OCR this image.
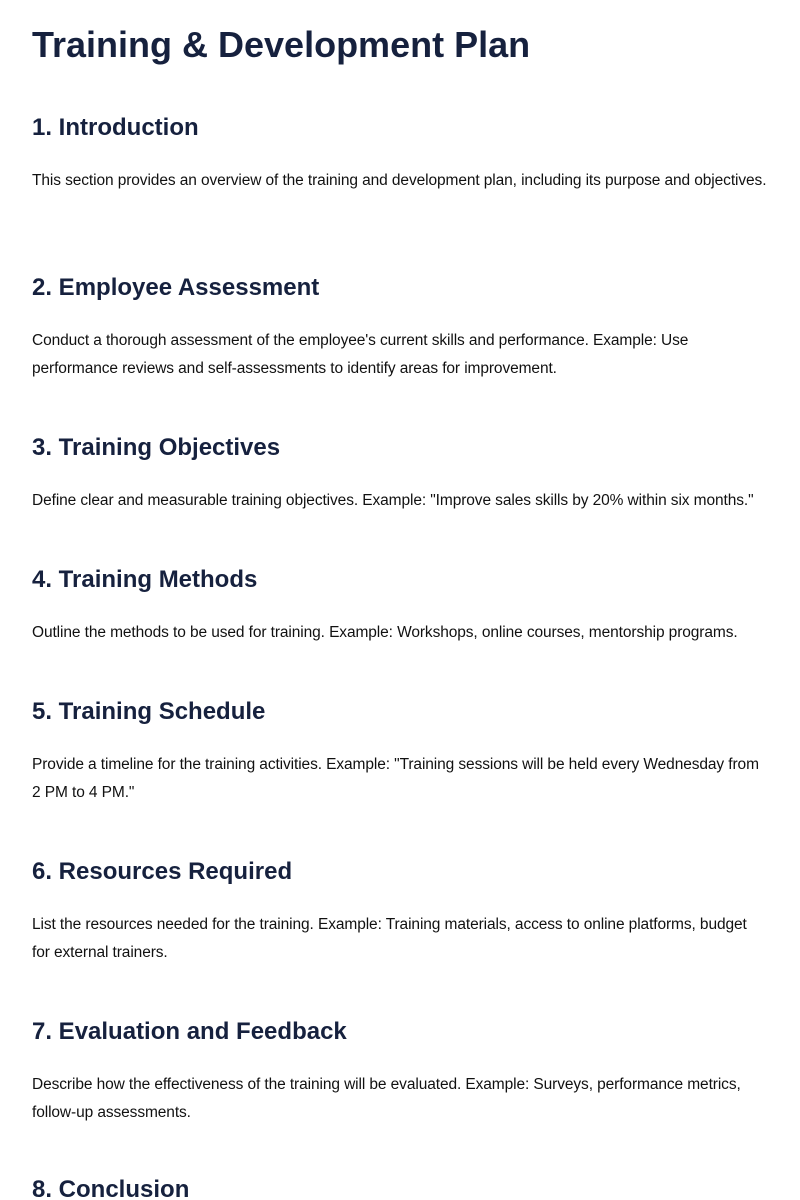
Training & Development Plan
1. Introduction

This section provides an overview of the training and development plan, including its purpose and objectives.

2. Employee Assessment

Conduct a thorough assessment of the employee's current skills and performance. Example: Use performance reviews and self-assessments to identify areas for improvement.

3. Training Objectives

Define clear and measurable training objectives. Example: "Improve sales skills by 20% within six months."

4. Training Methods

Outline the methods to be used for training. Example: Workshops, online courses, mentorship programs.

5. Training Schedule

Provide a timeline for the training activities. Example: "Training sessions will be held every Wednesday from 2 PM to 4 PM."

6. Resources Required

List the resources needed for the training. Example: Training materials, access to online platforms, budget for external trainers.

7. Evaluation and Feedback

Describe how the effectiveness of the training will be evaluated. Example: Surveys, performance metrics, follow-up assessments.

8. Conclusion
